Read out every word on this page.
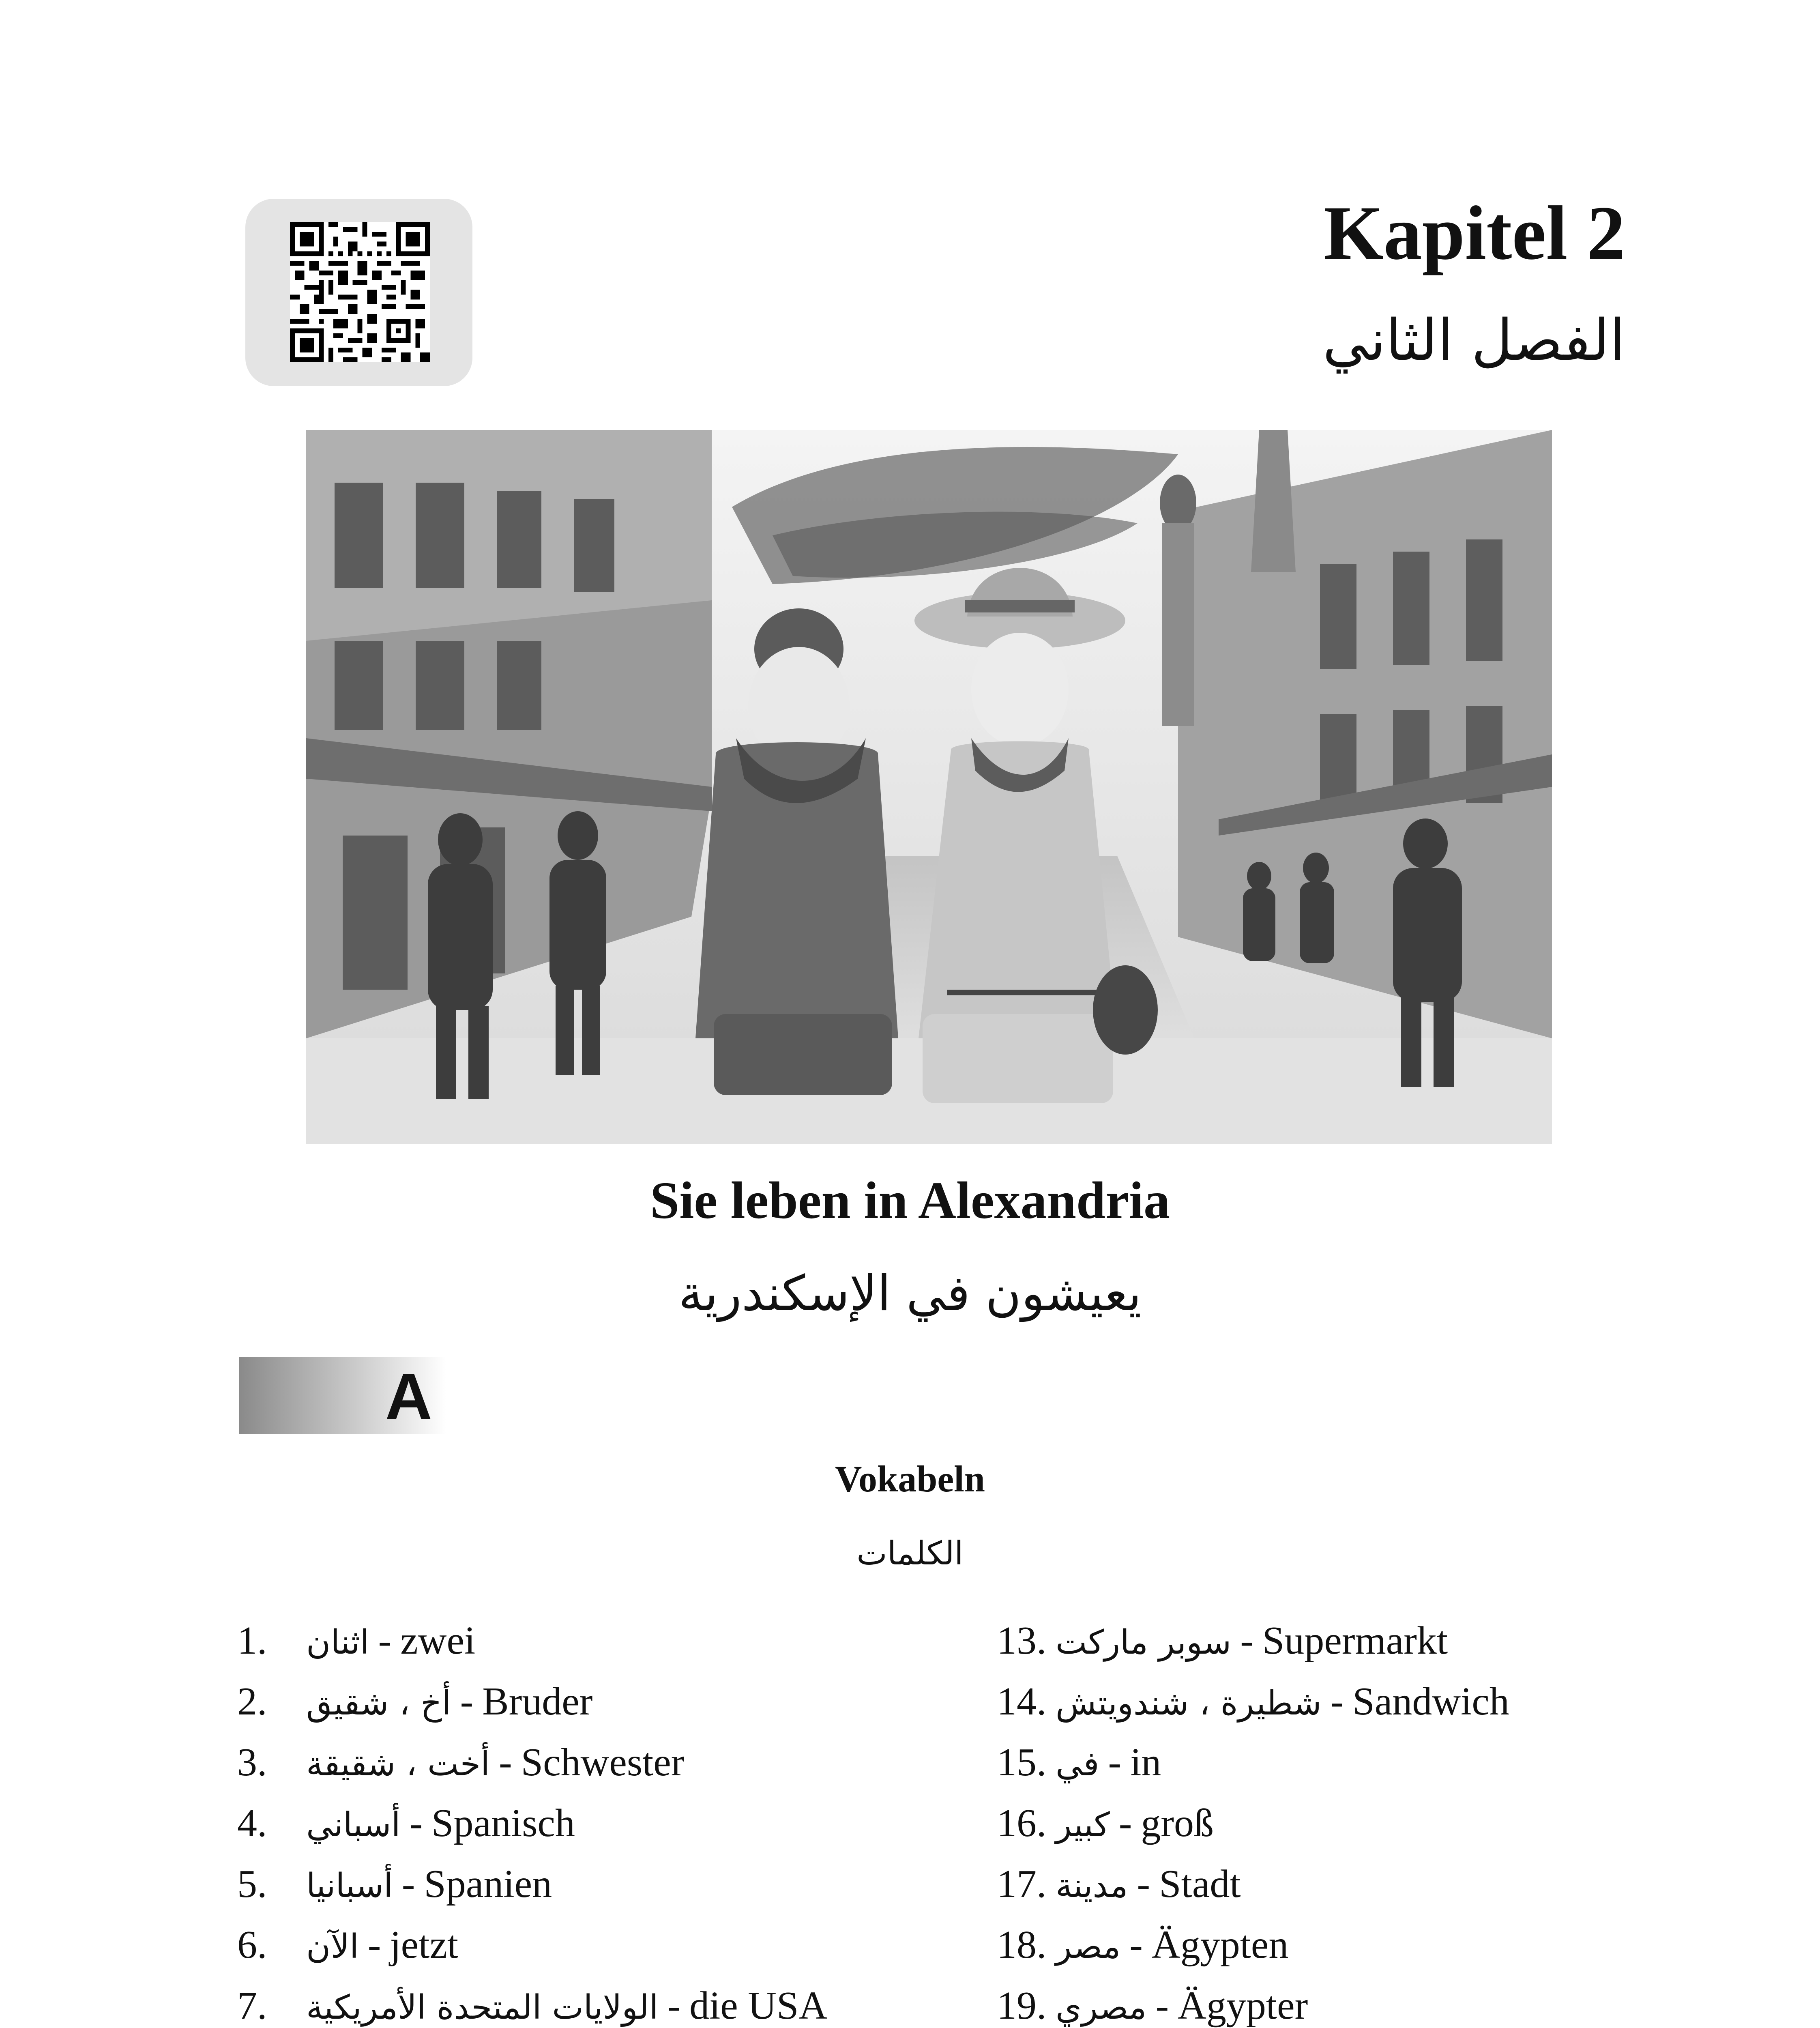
Kapitel 2
الفصل الثاني
Sie leben in Alexandria
يعيشون في الإسكندرية
A
Vokabeln
الكلمات
1.	اثنان - zwei
2.	أخ ، شقيق - Bruder
3.	أخت ، شقيقة - Schwester
4.	أسباني - Spanisch
5.	أسبانيا - Spanien
6.	الآن - jetzt
7.	الولايات المتحدة الأمريكية - die USA
13. سوبر ماركت - Supermarkt
14. شطيرة ، شندويتش - Sandwich
15. في - in
16. كبير - groß
17. مدينة - Stadt
18. مصر - Ägypten
19. مصري - Ägypter
